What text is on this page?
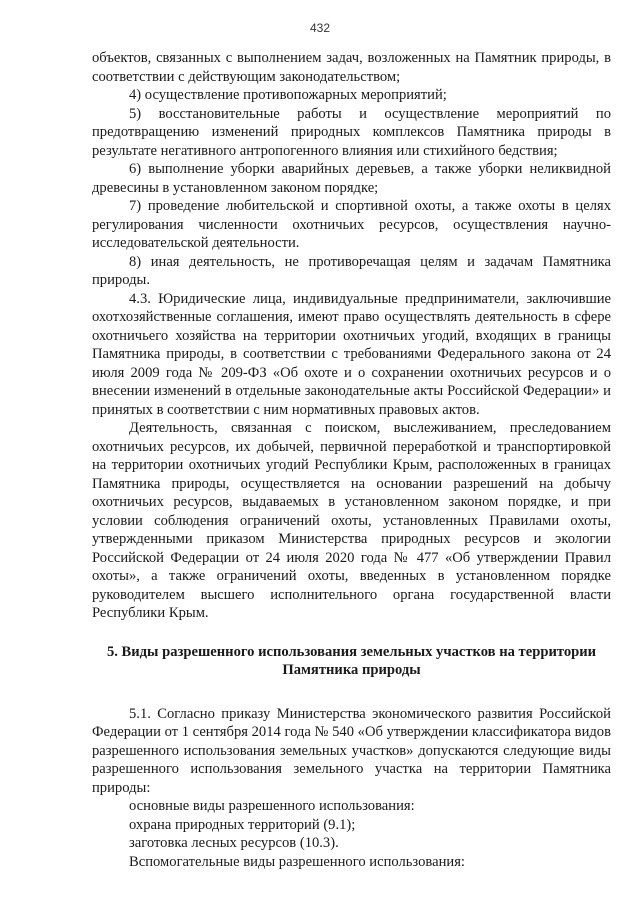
432

объектов, связанных с выполнением задач, возложенных на Памятник природы, в соответствии с действующим законодательством;

4) осуществление противопожарных мероприятий;

5) восстановительные работы и осуществление мероприятий по предотвращению изменений природных комплексов Памятника природы в результате негативного антропогенного влияния или стихийного бедствия;

6) выполнение уборки аварийных деревьев, а также уборки неликвидной древесины в установленном законом порядке;

7) проведение любительской и спортивной охоты, а также охоты в целях регулирования численности охотничьих ресурсов, осуществления научно-исследовательской деятельности.

8) иная деятельность, не противоречащая целям и задачам Памятника природы.

4.3. Юридические лица, индивидуальные предприниматели, заключившие охотхозяйственные соглашения, имеют право осуществлять деятельность в сфере охотничьего хозяйства на территории охотничьих угодий, входящих в границы Памятника природы, в соответствии с требованиями Федерального закона от 24 июля 2009 года № 209-ФЗ «Об охоте и о сохранении охотничьих ресурсов и о внесении изменений в отдельные законодательные акты Российской Федерации» и принятых в соответствии с ним нормативных правовых актов.

Деятельность, связанная с поиском, выслеживанием, преследованием охотничьих ресурсов, их добычей, первичной переработкой и транспортировкой на территории охотничьих угодий Республики Крым, расположенных в границах Памятника природы, осуществляется на основании разрешений на добычу охотничьих ресурсов, выдаваемых в установленном законом порядке, и при условии соблюдения ограничений охоты, установленных Правилами охоты, утвержденными приказом Министерства природных ресурсов и экологии Российской Федерации от 24 июля 2020 года № 477 «Об утверждении Правил охоты», а также ограничений охоты, введенных в установленном порядке руководителем высшего исполнительного органа государственной власти Республики Крым.

5. Виды разрешенного использования земельных участков на территории Памятника природы

5.1. Согласно приказу Министерства экономического развития Российской Федерации от 1 сентября 2014 года № 540 «Об утверждении классификатора видов разрешенного использования земельных участков» допускаются следующие виды разрешенного использования земельного участка на территории Памятника природы:

основные виды разрешенного использования:

охрана природных территорий (9.1);

заготовка лесных ресурсов (10.3).

Вспомогательные виды разрешенного использования:
